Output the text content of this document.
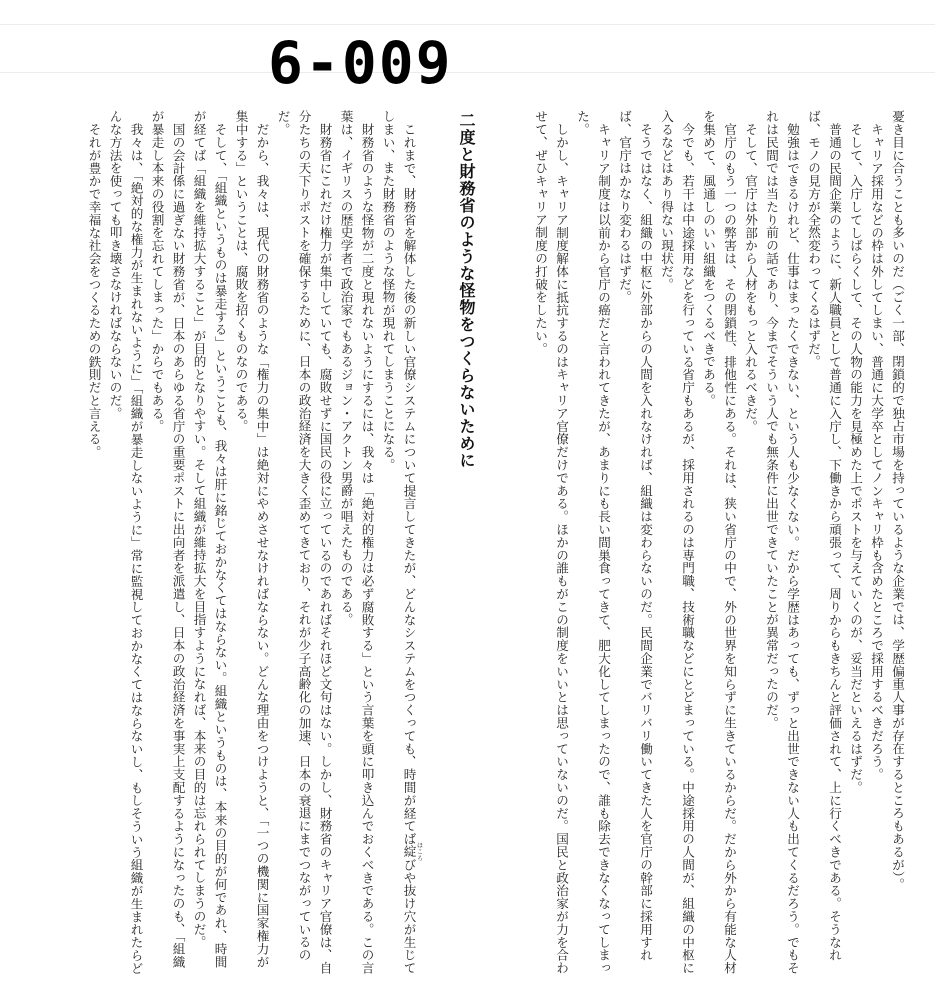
6-009

憂き目に合うことも多いのだ（ごく一部、閉鎖的で独占市場を持っているような企業では、学歴偏重人事が存在するところもあるが）。

キャリア採用などの枠は外してしまい、普通に大学卒としてノンキャリ枠も含めたところで採用するべきだろう。

そして、入庁してしばらくして、その人物の能力を見極めた上でポストを与えていくのが、妥当だといえるはずだ。

普通の民間企業のように、新人職員として普通に入庁し、下働きから頑張って、周りからもきちんと評価されて、上に行くべきである。そうなれば、モノの見方が全然変わってくるはずだ。

勉強はできるけれど、仕事はまったくできない、という人も少なくない。だから学歴はあっても、ずっと出世できない人も出てくるだろう。でもそれは民間では当たり前の話であり、今までそういう人でも無条件に出世できていたことが異常だったのだ。

そして、官庁は外部から人材をもっと入れるべきだ。

官庁のもう一つの弊害は、その閉鎖性、排他性にある。それは、狭い省庁の中で、外の世界を知らずに生きているからだ。だから外から有能な人材を集めて、風通しのいい組織をつくるべきである。

今でも、若干は中途採用などを行っている省庁もあるが、採用されるのは専門職、技術職などにとどまっている。中途採用の人間が、組織の中枢に入るなどはあり得ない現状だ。

そうではなく、組織の中枢に外部からの人間を入れなければ、組織は変わらないのだ。民間企業でバリバリ働いてきた人を官庁の幹部に採用すれば、官庁はかなり変わるはずだ。

キャリア制度は以前から官庁の癌だと言われてきたが、あまりにも長い間巣食ってきて、肥大化してしまったので、誰も除去できなくなってしまった。

しかし、キャリア制度解体に抵抗するのはキャリア官僚だけである。ほかの誰もがこの制度をいいとは思っていないのだ。国民と政治家が力を合わせて、ぜひキャリア制度の打破をしたい。

二度と財務省のような怪物をつくらないために

これまで、財務省を解体した後の新しい官僚システムについて提言してきたが、どんなシステムをつくっても、時間が経てば綻 ほころびや抜け穴が生じてしまい、また財務省のような怪物が現れてしまうことになる。

財務省のような怪物が二度と現れないようにするには、我々は「絶対的権力は必ず腐敗する」という言葉を頭に叩き込んでおくべきである。この言葉は、イギリスの歴史学者で政治家でもあるジョン・アクトン男爵が唱えたものである。

財務省にこれだけ権力が集中していても、腐敗せずに国民の役に立っているのであればそれほど文句はない。しかし、財務省のキャリア官僚は、自分たちの天下りポストを確保するために、日本の政治経済を大きく歪めてきており、それが少子高齢化の加速、日本の衰退にまでつながっているのだ。

だから、我々は、現代の財務省のような「権力の集中」は絶対にやめさせなければならない。どんな理由をつけようと、「一つの機関に国家権力が集中する」ということは、腐敗を招くものなのである。

そして、「組織というものは暴走する」ということも、我々は肝に銘じておかなくてはならない。組織というものは、本来の目的が何であれ、時間が経てば「組織を維持拡大すること」が目的となりやすい。そして組織が維持拡大を目指すようになれば、本来の目的は忘れられてしまうのだ。

国の会計係に過ぎない財務省が、日本のあらゆる省庁の重要ポストに出向者を派遣し、日本の政治経済を事実上支配するようになったのも、「組織が暴走し本来の役割を忘れてしまった」からでもある。

我々は、「絶対的な権力が生まれないように」「組織が暴走しないように」常に監視しておかなくてはならないし、もしそういう組織が生まれたらどんな方法を使っても叩き壊さなければならないのだ。

それが豊かで幸福な社会をつくるための鉄則だと言える。
